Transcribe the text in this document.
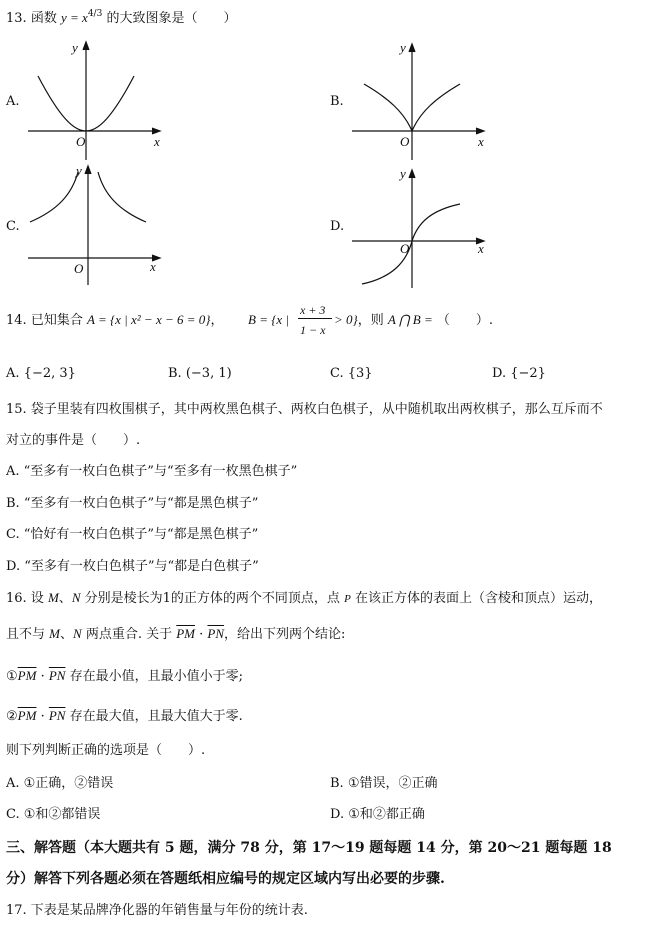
13. 函数 $y = x^{4/3}$ 的大致图象是（　　）
A.	B.
C.	D.
O	x
y
O	x
y
O	x
y
O	x
y
14. 已知集合 A = {x | x² − x − 6 = 0}， B = {x |
x + 3
1 − x
> 0}，则 A ⋂ B = （　　）.
A. {−2, 3}	B. (−3, 1)	C. {3}	D. {−2}
15. 袋子里装有四枚围棋子，其中两枚黑色棋子、两枚白色棋子，从中随机取出两枚棋子，那么互斥而不
对立的事件是（　　）.
A. “至多有一枚白色棋子”与“至多有一枚黑色棋子”
B. “至多有一枚白色棋子”与“都是黑色棋子”
C. “恰好有一枚白色棋子”与“都是黑色棋子”
D. “至多有一枚白色棋子”与“都是白色棋子”
16. 设 M、N 分别是棱长为1的正方体的两个不同顶点，点 P 在该正方体的表面上（含棱和顶点）运动，
且不与 M、N 两点重合. 关于 $\overline{PM} \cdot \overline{PN}$，给出下列两个结论:
$①\overline{PM} \cdot \overline{PN}$ 存在最小值，且最小值小于零;
$②\overline{PM} \cdot \overline{PN}$ 存在最大值，且最大值大于零.
则下列判断正确的选项是（　　）.
A. ①正确，②错误	B. ①错误，②正确
C. ①和②都错误	D. ①和②都正确
三、解答题（本大题共有 5 题，满分 78 分，第 17～19 题每题 14 分，第 20～21 题每题 18
分）解答下列各题必须在答题纸相应编号的规定区域内写出必要的步骤.
17. 下表是某品牌净化器的年销售量与年份的统计表.
